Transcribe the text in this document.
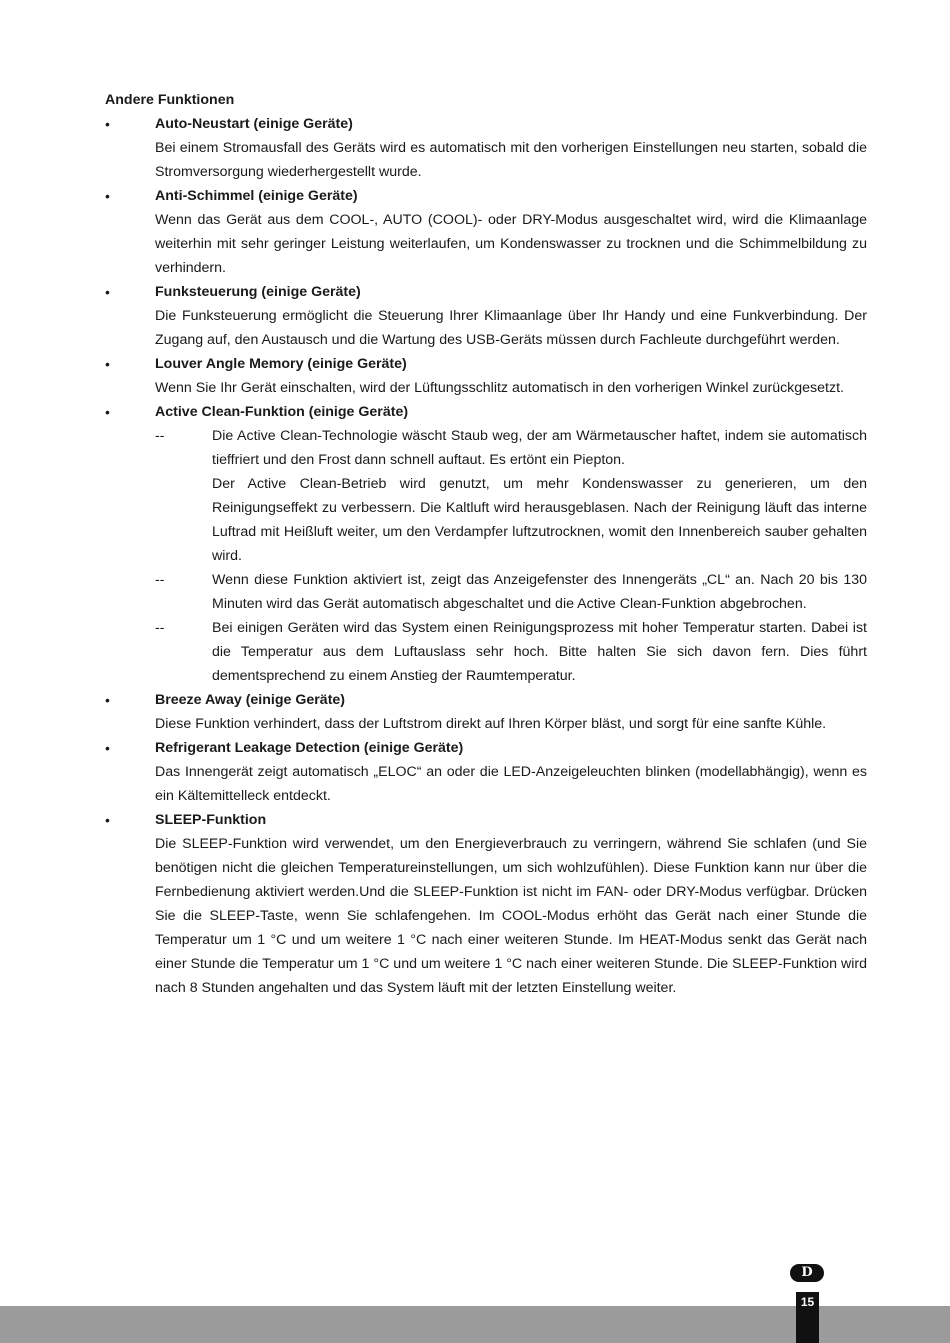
Andere Funktionen
•	Auto-Neustart (einige Geräte)
Bei einem Stromausfall des Geräts wird es automatisch mit den vorherigen Einstellungen neu starten, sobald die Stromversorgung wiederhergestellt wurde.
•	Anti-Schimmel (einige Geräte)
Wenn das Gerät aus dem COOL-, AUTO (COOL)- oder DRY-Modus ausgeschaltet wird, wird die Klimaanlage weiterhin mit sehr geringer Leistung weiterlaufen, um Kondenswasser zu trocknen und die Schimmelbildung zu verhindern.
•	Funksteuerung (einige Geräte)
Die Funksteuerung ermöglicht die Steuerung Ihrer Klimaanlage über Ihr Handy und eine Funkverbindung. Der Zugang auf, den Austausch und die Wartung des USB-Geräts müssen durch Fachleute durchgeführt werden.
•	Louver Angle Memory (einige Geräte)
Wenn Sie Ihr Gerät einschalten, wird der Lüftungsschlitz automatisch in den vorherigen Winkel zurückgesetzt.
•	Active Clean-Funktion (einige Geräte)
--	Die Active Clean-Technologie wäscht Staub weg, der am Wärmetauscher haftet, indem sie automatisch tieffriert und den Frost dann schnell auftaut. Es ertönt ein Piepton.
Der Active Clean-Betrieb wird genutzt, um mehr Kondenswasser zu generieren, um den Reinigungseffekt zu verbessern. Die Kaltluft wird herausgeblasen. Nach der Reinigung läuft das interne Luftrad mit Heißluft weiter, um den Verdampfer luftzutrocknen, womit den Innenbereich sauber gehalten wird.
--	Wenn diese Funktion aktiviert ist, zeigt das Anzeigefenster des Innengeräts „CL“ an. Nach 20 bis 130 Minuten wird das Gerät automatisch abgeschaltet und die Active Clean-Funktion abgebrochen.
--	Bei einigen Geräten wird das System einen Reinigungsprozess mit hoher Temperatur starten. Dabei ist die Temperatur aus dem Luftauslass sehr hoch. Bitte halten Sie sich davon fern. Dies führt dementsprechend zu einem Anstieg der Raumtemperatur.
•	Breeze Away (einige Geräte)
Diese Funktion verhindert, dass der Luftstrom direkt auf Ihren Körper bläst, und sorgt für eine sanfte Kühle.
•	Refrigerant Leakage Detection (einige Geräte)
Das Innengerät zeigt automatisch „ELOC“ an oder die LED-Anzeigeleuchten blinken (modellabhängig), wenn es ein Kältemittelleck entdeckt.
•	SLEEP-Funktion
Die SLEEP-Funktion wird verwendet, um den Energieverbrauch zu verringern, während Sie schlafen (und Sie benötigen nicht die gleichen Temperatureinstellungen, um sich wohlzufühlen). Diese Funktion kann nur über die Fernbedienung aktiviert werden.Und die SLEEP-Funktion ist nicht im FAN- oder DRY-Modus verfügbar. Drücken Sie die SLEEP-Taste, wenn Sie schlafengehen. Im COOL-Modus erhöht das Gerät nach einer Stunde die Temperatur um 1 °C und um weitere 1 °C nach einer weiteren Stunde. Im HEAT-Modus senkt das Gerät nach einer Stunde die Temperatur um 1 °C und um weitere 1 °C nach einer weiteren Stunde. Die SLEEP-Funktion wird nach 8 Stunden angehalten und das System läuft mit der letzten Einstellung weiter.
D
15
